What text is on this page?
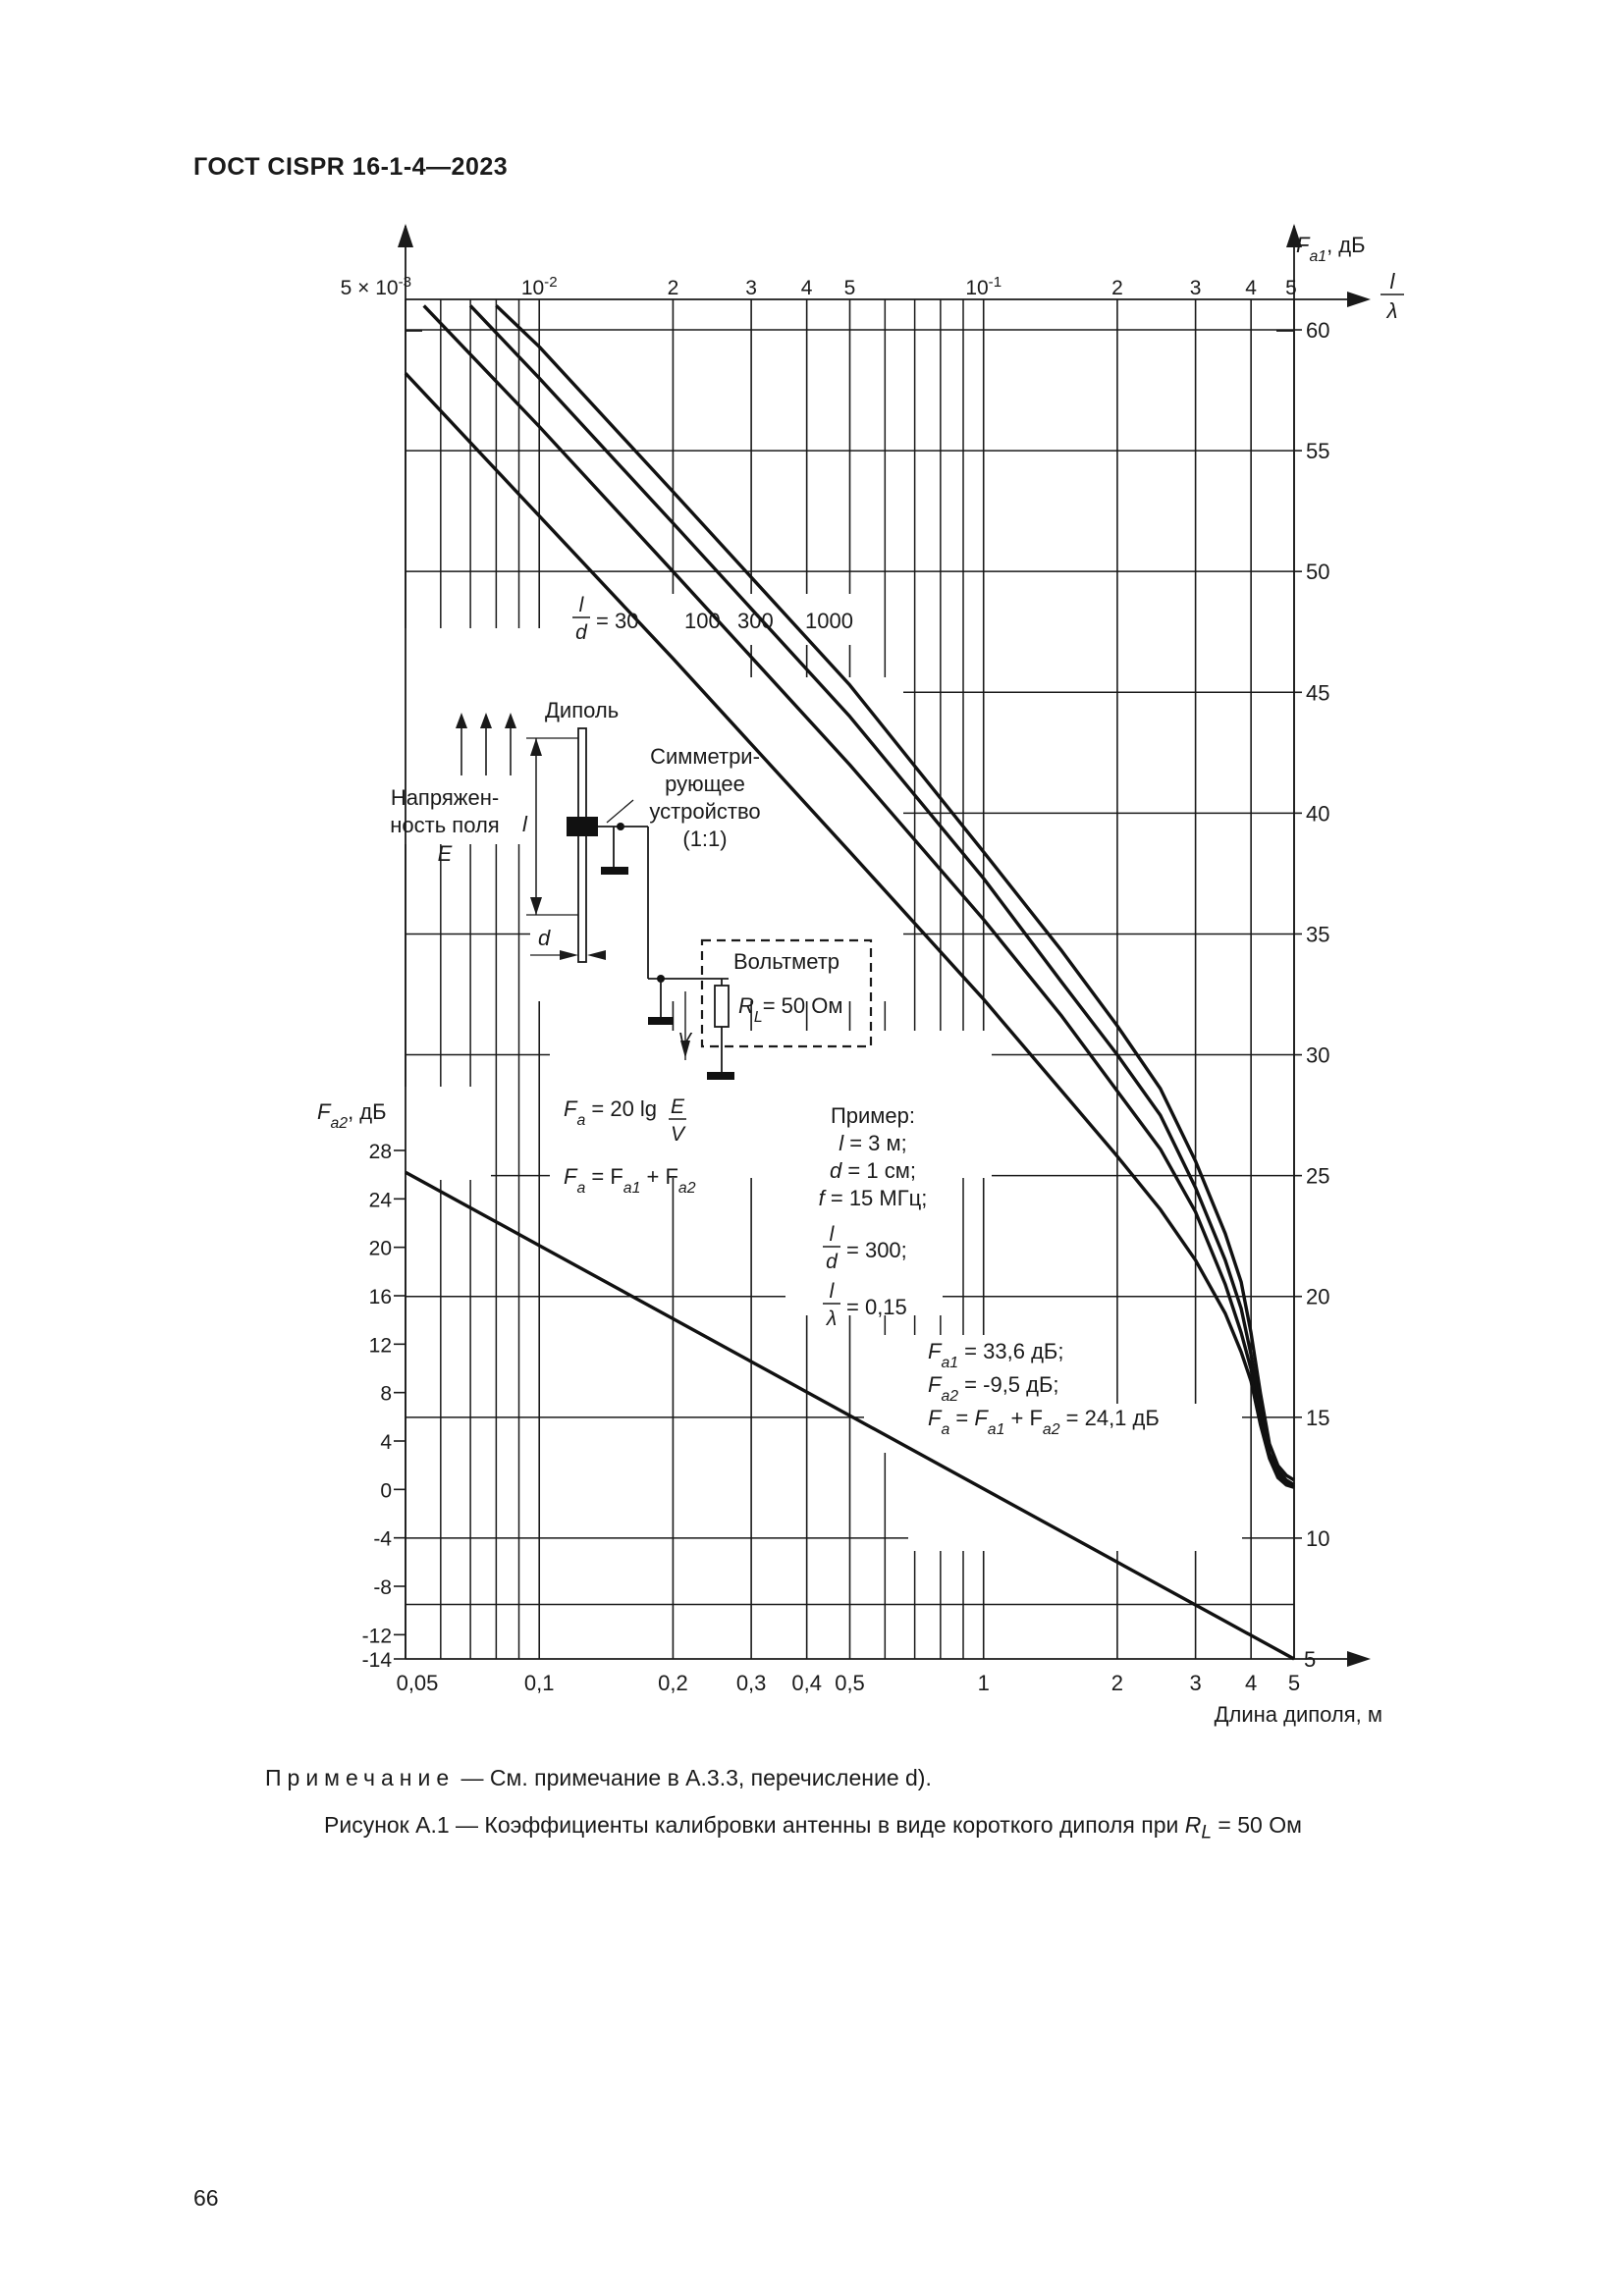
ГОСТ CISPR 16-1-4—2023
$5 \times 10^{-3}$	$10^{-2}$	2	3 4 5	$10^{-1}$	2	3 4 5	l
λ
$F_{a1}$, дБ
5
10
15
20
25
30
35
40
45
50
55
60
$F_{a2}$, дБ
28
24
20
16
12
8
4
0
-4
-8
-12
-14
0,05	0,1	0,2 0,3 0,4 0,5	1	2	3 4 5
Длина диполя, м
l
d = 30 100 300 1000
Диполь
Напряжен-
ность поля
E
l
d
V
Симметри-
рующее
устройство
(1:1)
Вольтметр
$R_L= 50$ Ом
$F_a = 20$ lg E
V
$F_a = F_{a1} + F_{a2}$
Пример:
l = 3 м;
d = 1 см;
f = 15 МГц;
l
d = 300;
l
λ = 0,15
$F_{a1} = 33,6$ дБ;
$F_{a2} = -9,5$ дБ;
$F_a = F_{a1} + F_{a2} = 24,1$ дБ
Примечание — См. примечание в А.3.3, перечисление d).
Рисунок А.1 — Коэффициенты калибровки антенны в виде короткого диполя при $R_L = 50$ Ом
66
